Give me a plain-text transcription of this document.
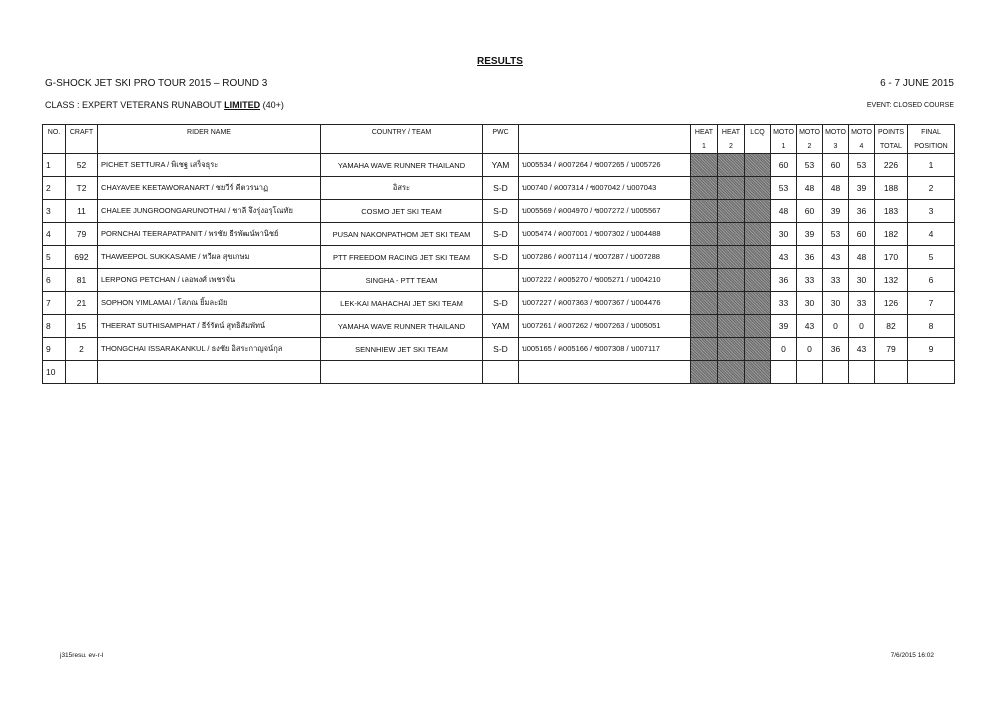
RESULTS
G-SHOCK JET SKI PRO TOUR 2015 – ROUND 3	6 - 7 JUNE 2015
CLASS : EXPERT VETERANS RUNABOUT LIMITED (40+)	EVENT: CLOSED COURSE
NO.	CRAFT	RIDER NAME	COUNTRY / TEAM	PWC		HEAT	HEAT	LCQ	MOTO	MOTO	MOTO	MOTO	POINTS	FINAL
						1	2		1	2	3	4	TOTAL	POSITION
1	52	PICHET SETTURA / พิเชฐ เสร็จธุระ	YAMAHA WAVE RUNNER THAILAND	YAM	บ005534 / ค007264 / ซ007265 / บ005726				60	53	60	53	226	1
2	T2	CHAYAVEE KEETAWORANART / ชยวีร์ คีตวรนาฏ	อิสระ	S-D	บ00740 / ค007314 / ซ007042 / บ007043				53	48	48	39	188	2
3	11	CHALEE JUNGROONGARUNOTHAI / ชาลี จึงรุ่งอรุโณทัย	COSMO JET SKI TEAM	S-D	บ005569 / ค004970 / ซ007272 / บ005567				48	60	39	36	183	3
4	79	PORNCHAI TEERAPATPANIT / พรชัย ธีรพัฒน์พานิชย์	PUSAN NAKONPATHOM JET SKI TEAM	S-D	บ005474 / ค007001 / ซ007302 / บ004488				30	39	53	60	182	4
5	692	THAWEEPOL SUKKASAME / ทวีผล สุขเกษม	PTT FREEDOM RACING JET SKI TEAM	S-D	บ007286 / ค007114 / ซ007287 / บ007288				43	36	43	48	170	5
6	81	LERPONG PETCHAN / เลอพงศ์ เพชรจั่น	SINGHA - PTT TEAM		บ007222 / ค005270 / ซ005271 / บ004210				36	33	33	30	132	6
7	21	SOPHON YIMLAMAI / โสภณ ยิ้มละมัย	LEK-KAI MAHACHAI JET SKI TEAM	S-D	บ007227 / ค007363 / ซ007367 / บ004476				33	30	30	33	126	7
8	15	THEERAT SUTHISAMPHAT / ธีร์รัตน์ สุทธิสัมพัทน์	YAMAHA WAVE RUNNER THAILAND	YAM	บ007261 / ค007262 / ซ007263 / บ005051				39	43	0	0	82	8
9	2	THONGCHAI ISSARAKANKUL / ธงชัย อิสระกาญจน์กุล	SENNHIEW JET SKI TEAM	S-D	บ005165 / ค005166 / ซ007308 / บ007117				0	0	36	43	79	9
10														
j315resu. ev-r-l	7/6/2015 16:02
